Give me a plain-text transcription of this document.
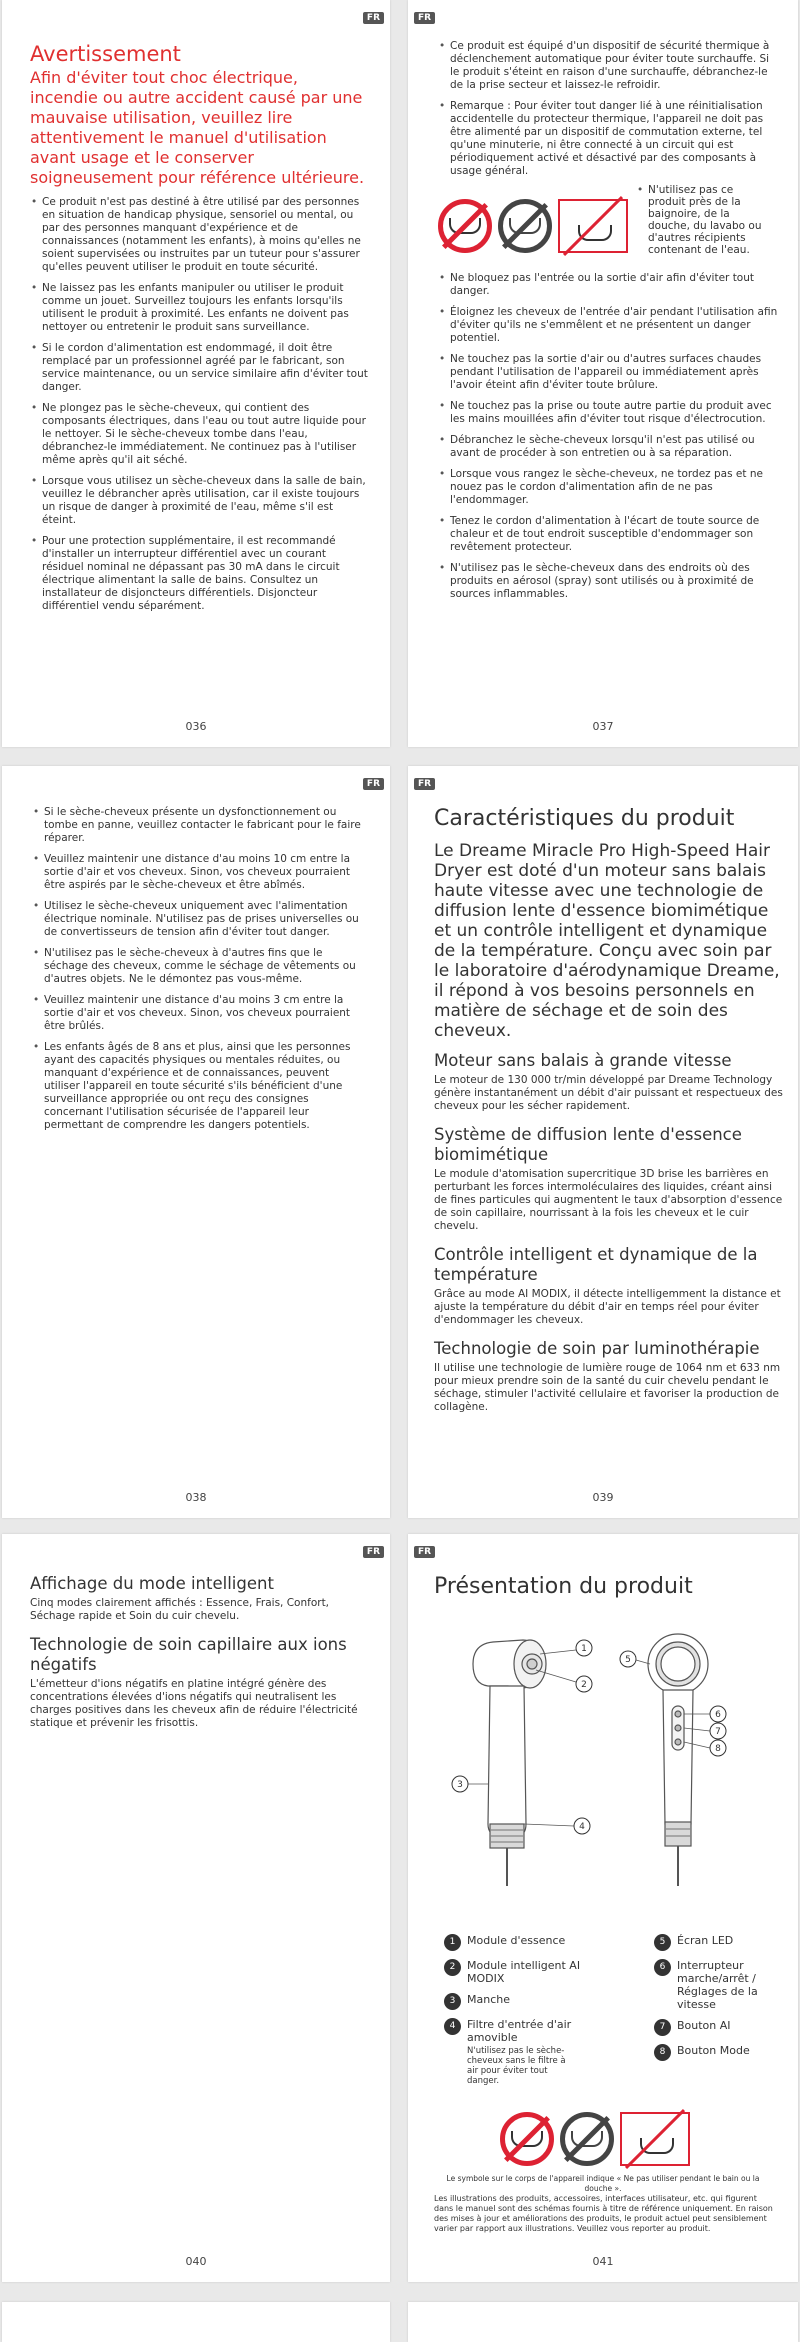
Avertissement
Afin d'éviter tout choc électrique, incendie ou autre accident causé par une mauvaise utilisation, veuillez lire attentivement le manuel d'utilisation avant usage et le conserver soigneusement pour référence ultérieure.
• Ce produit n'est pas destiné à être utilisé par des personnes en situation de handicap physique, sensoriel ou mental, ou par des personnes manquant d'expérience et de connaissances (notamment les enfants), à moins qu'elles ne soient supervisées ou instruites par un tuteur pour s'assurer qu'elles peuvent utiliser le produit en toute sécurité.
• Ne laissez pas les enfants manipuler ou utiliser le produit comme un jouet. Surveillez toujours les enfants lorsqu'ils utilisent le produit à proximité. Les enfants ne doivent pas nettoyer ou entretenir le produit sans surveillance.
• Si le cordon d'alimentation est endommagé, il doit être remplacé par un professionnel agréé par le fabricant, son service maintenance, ou un service similaire afin d'éviter tout danger.
• Ne plongez pas le sèche-cheveux, qui contient des composants électriques, dans l'eau ou tout autre liquide pour le nettoyer. Si le sèche-cheveux tombe dans l'eau, débranchez-le immédiatement. Ne continuez pas à l'utiliser même après qu'il ait séché.
• Lorsque vous utilisez un sèche-cheveux dans la salle de bain, veuillez le débrancher après utilisation, car il existe toujours un risque de danger à proximité de l'eau, même s'il est éteint.
• Pour une protection supplémentaire, il est recommandé d'installer un interrupteur différentiel avec un courant résiduel nominal ne dépassant pas 30 mA dans le circuit électrique alimentant la salle de bains. Consultez un installateur de disjoncteurs différentiels. Disjoncteur différentiel vendu séparément.
FR
036
FR
• Ce produit est équipé d'un dispositif de sécurité thermique à déclenchement automatique pour éviter toute surchauffe. Si le produit s'éteint en raison d'une surchauffe, débranchez-le de la prise secteur et laissez-le refroidir.
• Remarque : Pour éviter tout danger lié à une réinitialisation accidentelle du protecteur thermique, l'appareil ne doit pas être alimenté par un dispositif de commutation externe, tel qu'une minuterie, ni être connecté à un circuit qui est périodiquement activé et désactivé par des composants à usage général.
• N'utilisez pas ce produit près de la baignoire, de la douche, du lavabo ou d'autres récipients contenant de l'eau.
• Ne bloquez pas l'entrée ou la sortie d'air afin d'éviter tout danger.
• Éloignez les cheveux de l'entrée d'air pendant l'utilisation afin d'éviter qu'ils ne s'emmêlent et ne présentent un danger potentiel.
• Ne touchez pas la sortie d'air ou d'autres surfaces chaudes pendant l'utilisation de l'appareil ou immédiatement après l'avoir éteint afin d'éviter toute brûlure.
• Ne touchez pas la prise ou toute autre partie du produit avec les mains mouillées afin d'éviter tout risque d'électrocution.
• Débranchez le sèche-cheveux lorsqu'il n'est pas utilisé ou avant de procéder à son entretien ou à sa réparation.
• Lorsque vous rangez le sèche-cheveux, ne tordez pas et ne nouez pas le cordon d'alimentation afin de ne pas l'endommager.
• Tenez le cordon d'alimentation à l'écart de toute source de chaleur et de tout endroit susceptible d'endommager son revêtement protecteur.
• N'utilisez pas le sèche-cheveux dans des endroits où des produits en aérosol (spray) sont utilisés ou à proximité de sources inflammables.
037
• Si le sèche-cheveux présente un dysfonctionnement ou tombe en panne, veuillez contacter le fabricant pour le faire réparer.
• Veuillez maintenir une distance d'au moins 10 cm entre la sortie d'air et vos cheveux. Sinon, vos cheveux pourraient être aspirés par le sèche-cheveux et être abîmés.
• Utilisez le sèche-cheveux uniquement avec l'alimentation électrique nominale. N'utilisez pas de prises universelles ou de convertisseurs de tension afin d'éviter tout danger.
• N'utilisez pas le sèche-cheveux à d'autres fins que le séchage des cheveux, comme le séchage de vêtements ou d'autres objets. Ne le démontez pas vous-même.
• Veuillez maintenir une distance d'au moins 3 cm entre la sortie d'air et vos cheveux. Sinon, vos cheveux pourraient être brûlés.
• Les enfants âgés de 8 ans et plus, ainsi que les personnes ayant des capacités physiques ou mentales réduites, ou manquant d'expérience et de connaissances, peuvent utiliser l'appareil en toute sécurité s'ils bénéficient d'une surveillance appropriée ou ont reçu des consignes concernant l'utilisation sécurisée de l'appareil leur permettant de comprendre les dangers potentiels.
FR
038
FR
Caractéristiques du produit
Le Dreame Miracle Pro High-Speed Hair Dryer est doté d'un moteur sans balais haute vitesse avec une technologie de diffusion lente d'essence biomimétique et un contrôle intelligent et dynamique de la température. Conçu avec soin par le laboratoire d'aérodynamique Dreame, il répond à vos besoins personnels en matière de séchage et de soin des cheveux.
Moteur sans balais à grande vitesse

Le moteur de 130 000 tr/min développé par Dreame Technology génère instantanément un débit d'air puissant et respectueux des cheveux pour les sécher rapidement.

Système de diffusion lente d'essence biomimétique

Le module d'atomisation supercritique 3D brise les barrières en perturbant les forces intermoléculaires des liquides, créant ainsi de fines particules qui augmentent le taux d'absorption d'essence de soin capillaire, nourrissant à la fois les cheveux et le cuir chevelu.

Contrôle intelligent et dynamique de la température

Grâce au mode AI MODIX, il détecte intelligemment la distance et ajuste la température du débit d'air en temps réel pour éviter d'endommager les cheveux.

Technologie de soin par luminothérapie

Il utilise une technologie de lumière rouge de 1064 nm et 633 nm pour mieux prendre soin de la santé du cuir chevelu pendant le séchage, stimuler l'activité cellulaire et favoriser la production de collagène.

039
Affichage du mode intelligent

Cinq modes clairement affichés : Essence, Frais, Confort, Séchage rapide et Soin du cuir chevelu.

Technologie de soin capillaire aux ions négatifs

L'émetteur d'ions négatifs en platine intégré génère des concentrations élevées d'ions négatifs qui neutralisent les charges positives dans les cheveux afin de réduire l'électricité statique et prévenir les frisottis.

FR
040
FR
Présentation du produit
1
2
3
4
5
6
7
8
1	Module d'essence
2	Module intelligent AI MODIX
3	Manche
4	Filtre d'entrée d'air amovible
N'utilisez pas le sèche-cheveux sans le filtre à air pour éviter tout danger.
5	Écran LED
6	Interrupteur marche/arrêt / Réglages de la vitesse
7	Bouton AI
8	Bouton Mode
Le symbole sur le corps de l'appareil indique « Ne pas utiliser pendant le bain ou la douche ».
Les illustrations des produits, accessoires, interfaces utilisateur, etc. qui figurent dans le manuel sont des schémas fournis à titre de référence uniquement. En raison des mises à jour et améliorations des produits, le produit actuel peut sensiblement varier par rapport aux illustrations. Veuillez vous reporter au produit.
041
